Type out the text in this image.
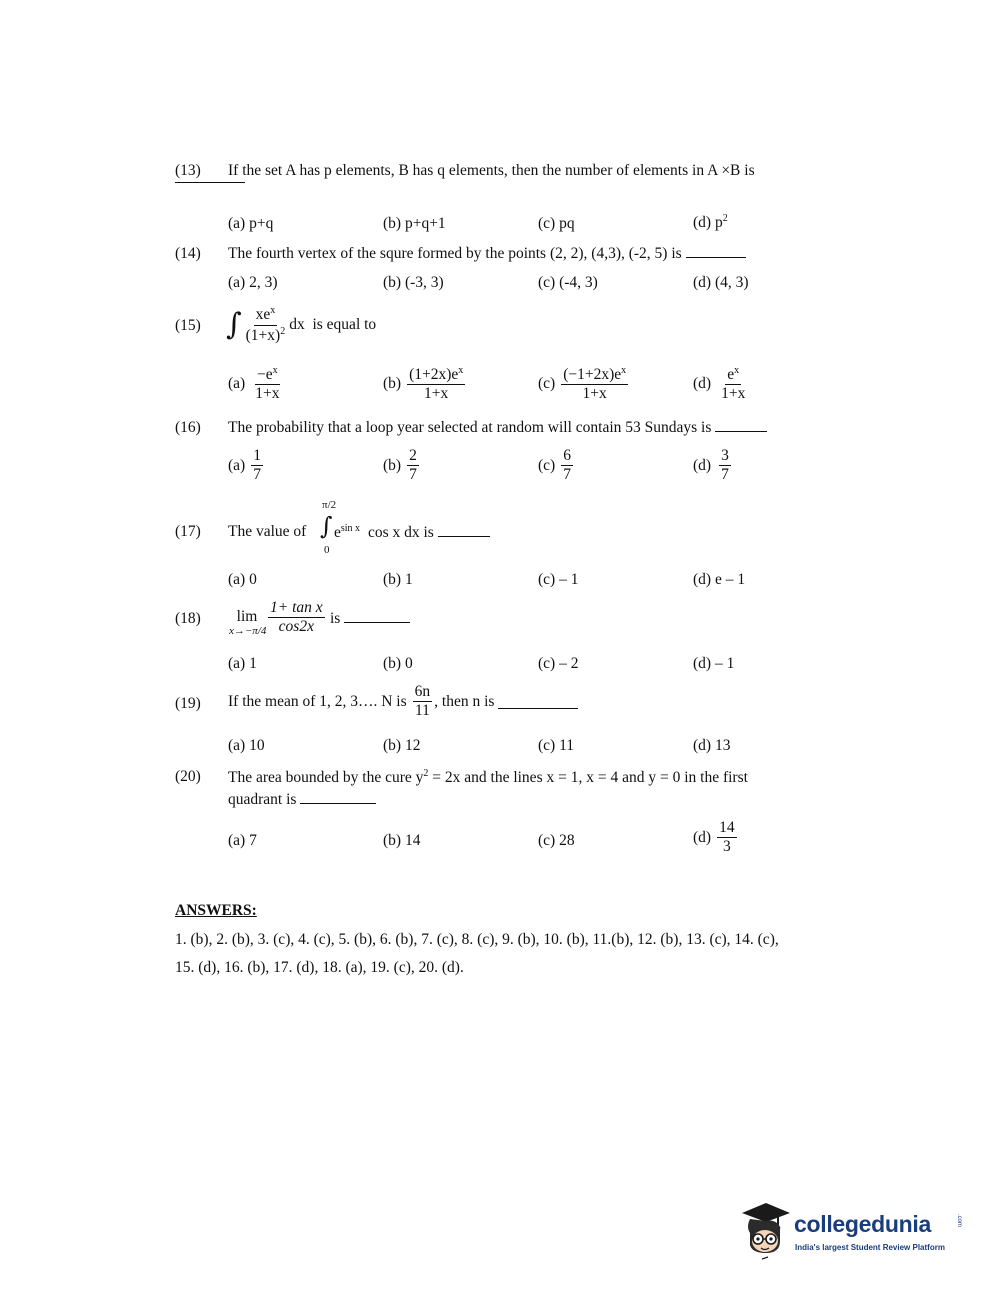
(13) If the set A has p elements, B has q elements, then the number of elements in A ×B is
(a) p+q	(b) p+q+1	(c) pq	(d) $p^2$
(14) The fourth vertex of the squre formed by the points (2, 2), (4,3), (-2, 5) is
(a) 2, 3)	(b) (-3, 3)	(c) (-4, 3)	(d) (4, 3)
(15) ∫ $\frac{xe^x}{(1+x)^2}$ dx
is equal to
$(a) \frac{-e^x}{1+x}$	$(b) \frac{(1+2x)e^x}{1+x}$	$(c) \frac{(-1+2x)e^x}{1+x}$	$(d) \frac{e^x}{1+x}$
(16) The probability that a loop year selected at random will contain 53 Sundays is
$(a) \frac{1}{7}$	$(b) \frac{2}{7}$	$(c) \frac{6}{7}$	$(d) \frac{3}{7}$
(17) The value of
π/2
∫
0
$e^{sin x}$ cos x dx is
(a) 0	(b) 1	(c) – 1	(d) e – 1
(18)	lim
$x\to-\pi/4 \frac{\text{1+ tan x}}{\cos 2x}$ is
(a) 1	(b) 0	(c) – 2	(d) – 1
(19) If the mean of 1, 2, 3…. N is $\frac{6n}{11}$ , then n is
(a) 10	(b) 12	(c) 11	(d) 13
(20) The area bounded by the cure $y^2 = 2x$ and the lines x = 1, x = 4 and y = 0 in the first
quadrant is
(a) 7	(b) 14	(c) 28	$(d) \frac{14}{3}$
ANSWERS:
1. (b), 2. (b), 3. (c), 4. (c), 5. (b), 6. (b), 7. (c), 8. (c), 9. (b), 10. (b), 11.(b), 12. (b), 13. (c), 14. (c),
15. (d), 16. (b), 17. (d), 18. (a), 19. (c), 20. (d).
collegedunia	.com
India's largest Student Review Platform
